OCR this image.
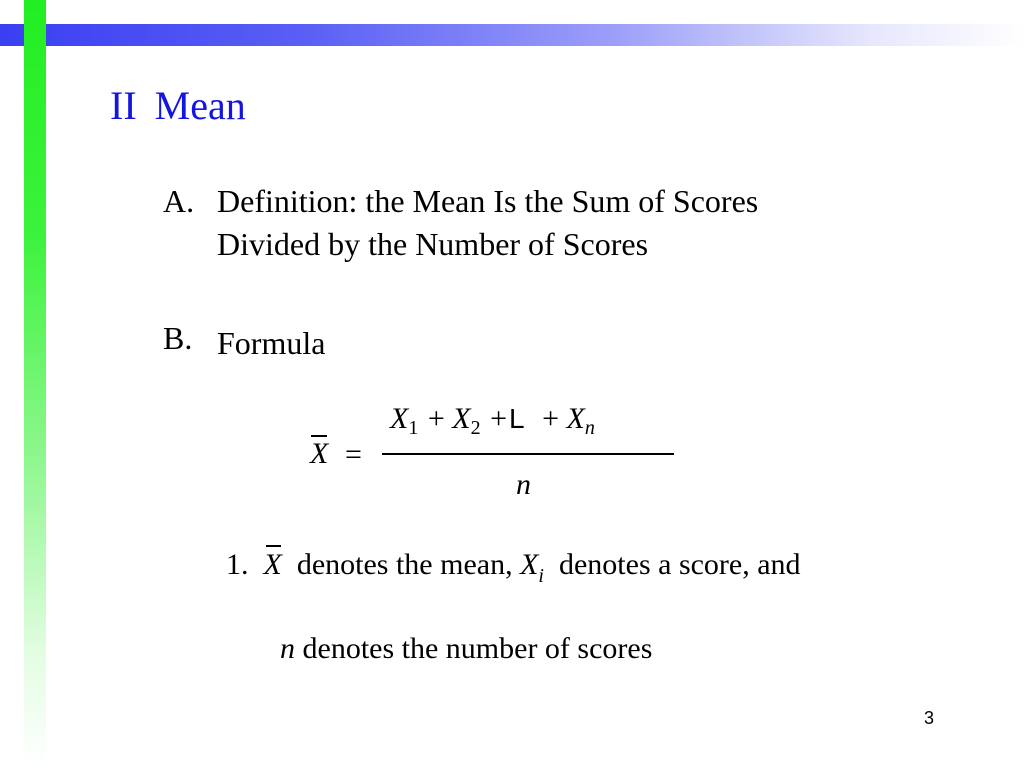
II Mean
A. Definition: the Mean Is the Sum of Scores
Divided by the Number of Scores
B. Formula
X =
$X_1 + X_2 +L + X_n$
n
1. X denotes the mean, $X_i$ denotes a score, and
n denotes the number of scores
3
